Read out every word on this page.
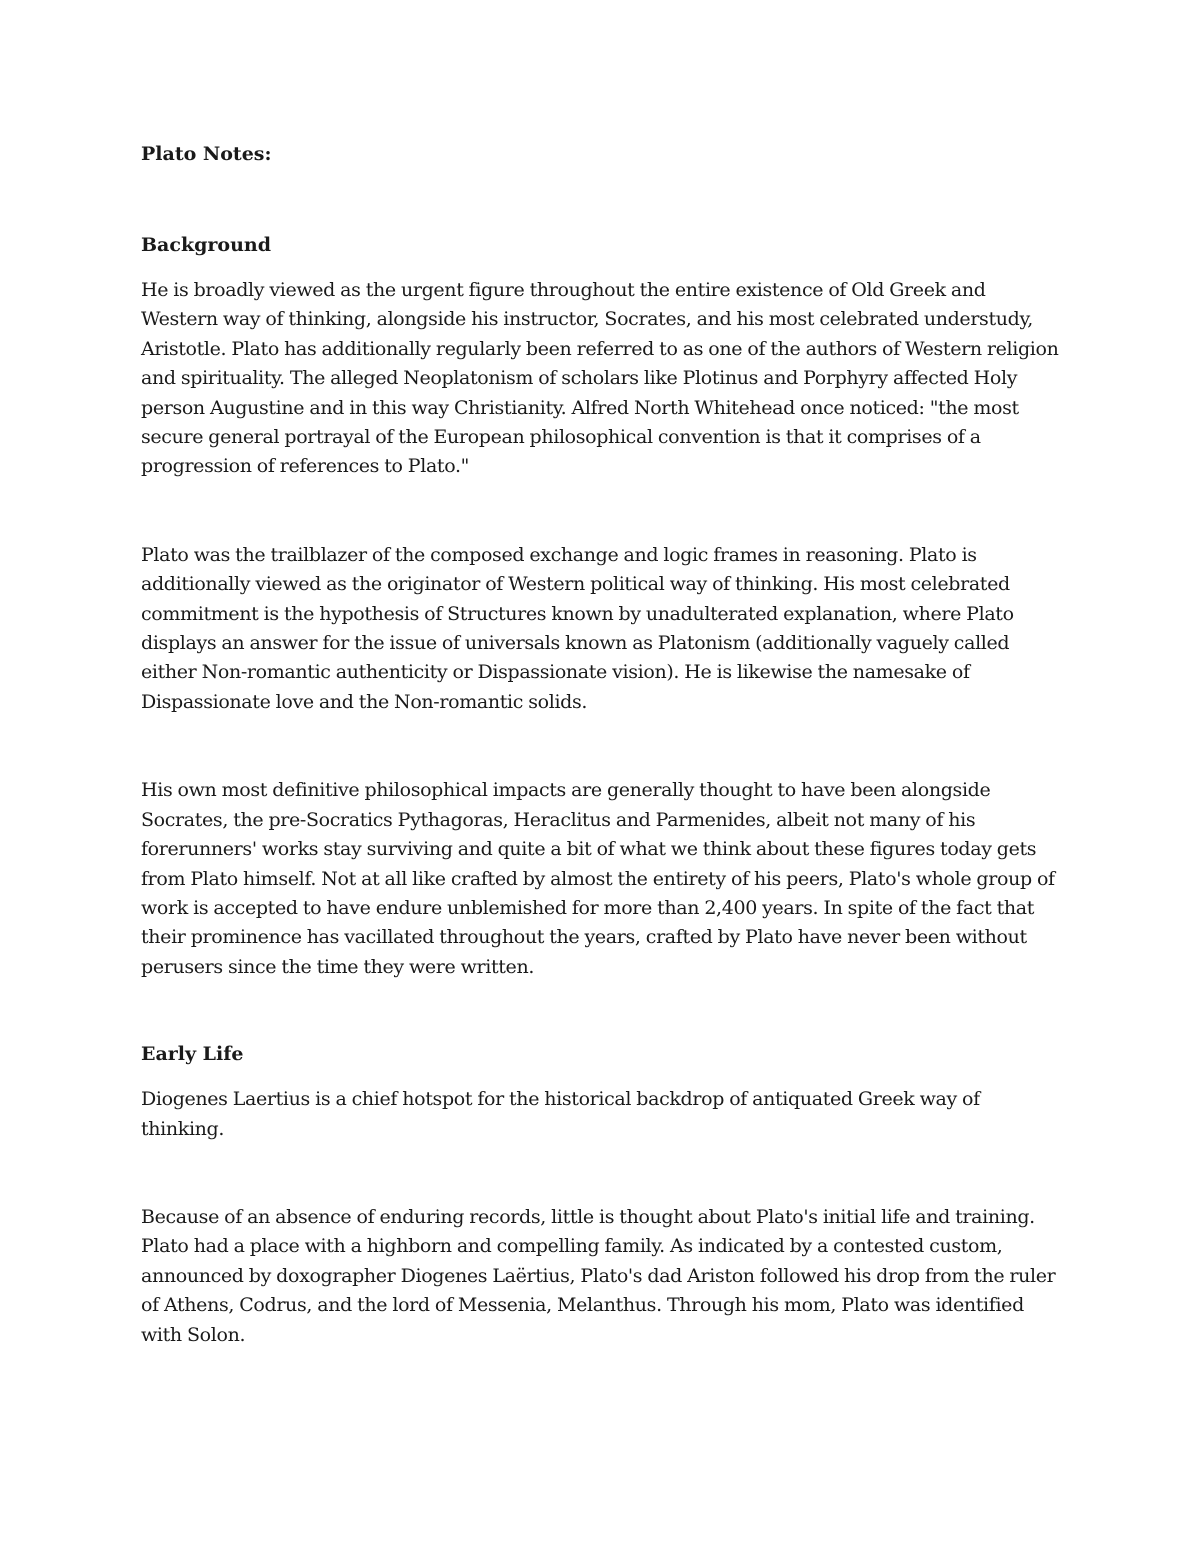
Plato Notes:
Background

He is broadly viewed as the urgent figure throughout the entire existence of Old Greek and Western way of thinking, alongside his instructor, Socrates, and his most celebrated understudy, Aristotle. Plato has additionally regularly been referred to as one of the authors of Western religion and spirituality. The alleged Neoplatonism of scholars like Plotinus and Porphyry affected Holy person Augustine and in this way Christianity. Alfred North Whitehead once noticed: "the most secure general portrayal of the European philosophical convention is that it comprises of a progression of references to Plato."

Plato was the trailblazer of the composed exchange and logic frames in reasoning. Plato is additionally viewed as the originator of Western political way of thinking. His most celebrated commitment is the hypothesis of Structures known by unadulterated explanation, where Plato displays an answer for the issue of universals known as Platonism (additionally vaguely called either Non-romantic authenticity or Dispassionate vision). He is likewise the namesake of Dispassionate love and the Non-romantic solids.

His own most definitive philosophical impacts are generally thought to have been alongside Socrates, the pre-Socratics Pythagoras, Heraclitus and Parmenides, albeit not many of his forerunners' works stay surviving and quite a bit of what we think about these figures today gets from Plato himself. Not at all like crafted by almost the entirety of his peers, Plato's whole group of work is accepted to have endure unblemished for more than 2,400 years. In spite of the fact that their prominence has vacillated throughout the years, crafted by Plato have never been without perusers since the time they were written.

Early Life

Diogenes Laertius is a chief hotspot for the historical backdrop of antiquated Greek way of thinking.

Because of an absence of enduring records, little is thought about Plato's initial life and training. Plato had a place with a highborn and compelling family. As indicated by a contested custom, announced by doxographer Diogenes Laërtius, Plato's dad Ariston followed his drop from the ruler of Athens, Codrus, and the lord of Messenia, Melanthus. Through his mom, Plato was identified with Solon.
